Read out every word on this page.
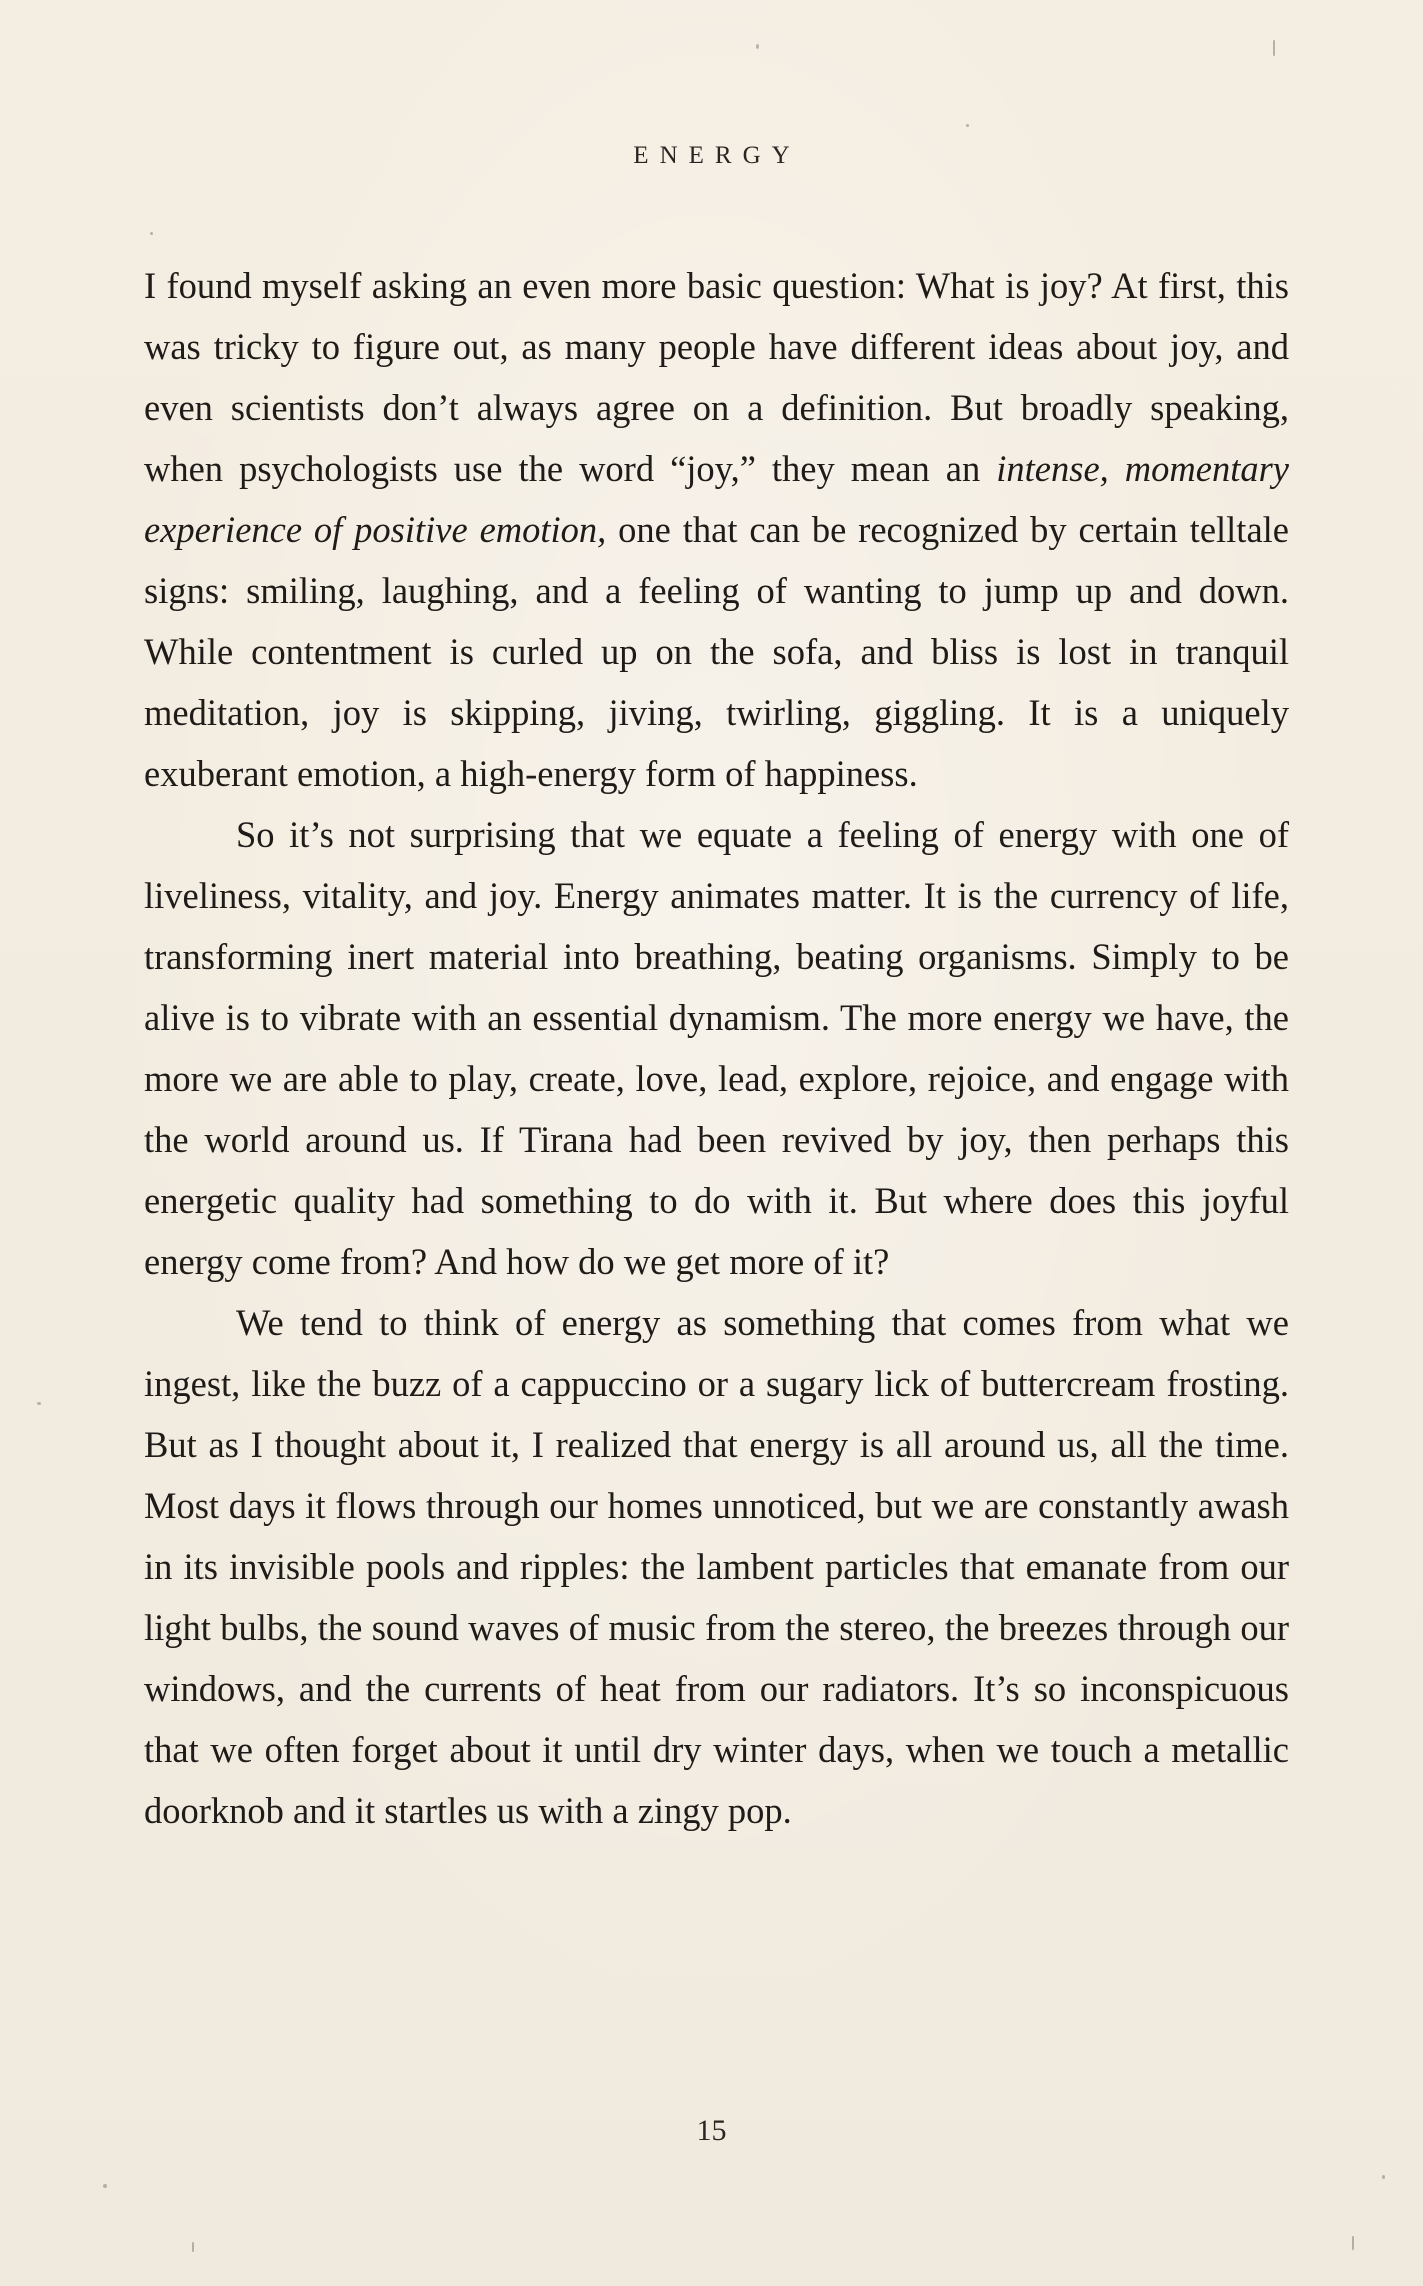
ENERGY

I found myself asking an even more basic question: What is joy? At first, this was tricky to figure out, as many people have different ideas about joy, and even scientists don’t always agree on a definition. But broadly speaking, when psychologists use the word “joy,” they mean an intense, momentary experience of positive emotion, one that can be recognized by certain telltale signs: smiling, laughing, and a feeling of wanting to jump up and down. While contentment is curled up on the sofa, and bliss is lost in tranquil meditation, joy is skipping, jiving, twirling, giggling. It is a uniquely exuberant emotion, a high-energy form of happiness.

So it’s not surprising that we equate a feeling of energy with one of liveliness, vitality, and joy. Energy animates matter. It is the currency of life, transforming inert material into breathing, beating organisms. Simply to be alive is to vibrate with an essential dynamism. The more energy we have, the more we are able to play, create, love, lead, explore, rejoice, and engage with the world around us. If Tirana had been revived by joy, then perhaps this energetic quality had something to do with it. But where does this joyful energy come from? And how do we get more of it?

We tend to think of energy as something that comes from what we ingest, like the buzz of a cappuccino or a sugary lick of buttercream frosting. But as I thought about it, I realized that energy is all around us, all the time. Most days it flows through our homes unnoticed, but we are constantly awash in its invisible pools and ripples: the lambent particles that emanate from our light bulbs, the sound waves of music from the stereo, the breezes through our windows, and the currents of heat from our radiators. It’s so inconspicuous that we often forget about it until dry winter days, when we touch a metallic doorknob and it startles us with a zingy pop.

15
